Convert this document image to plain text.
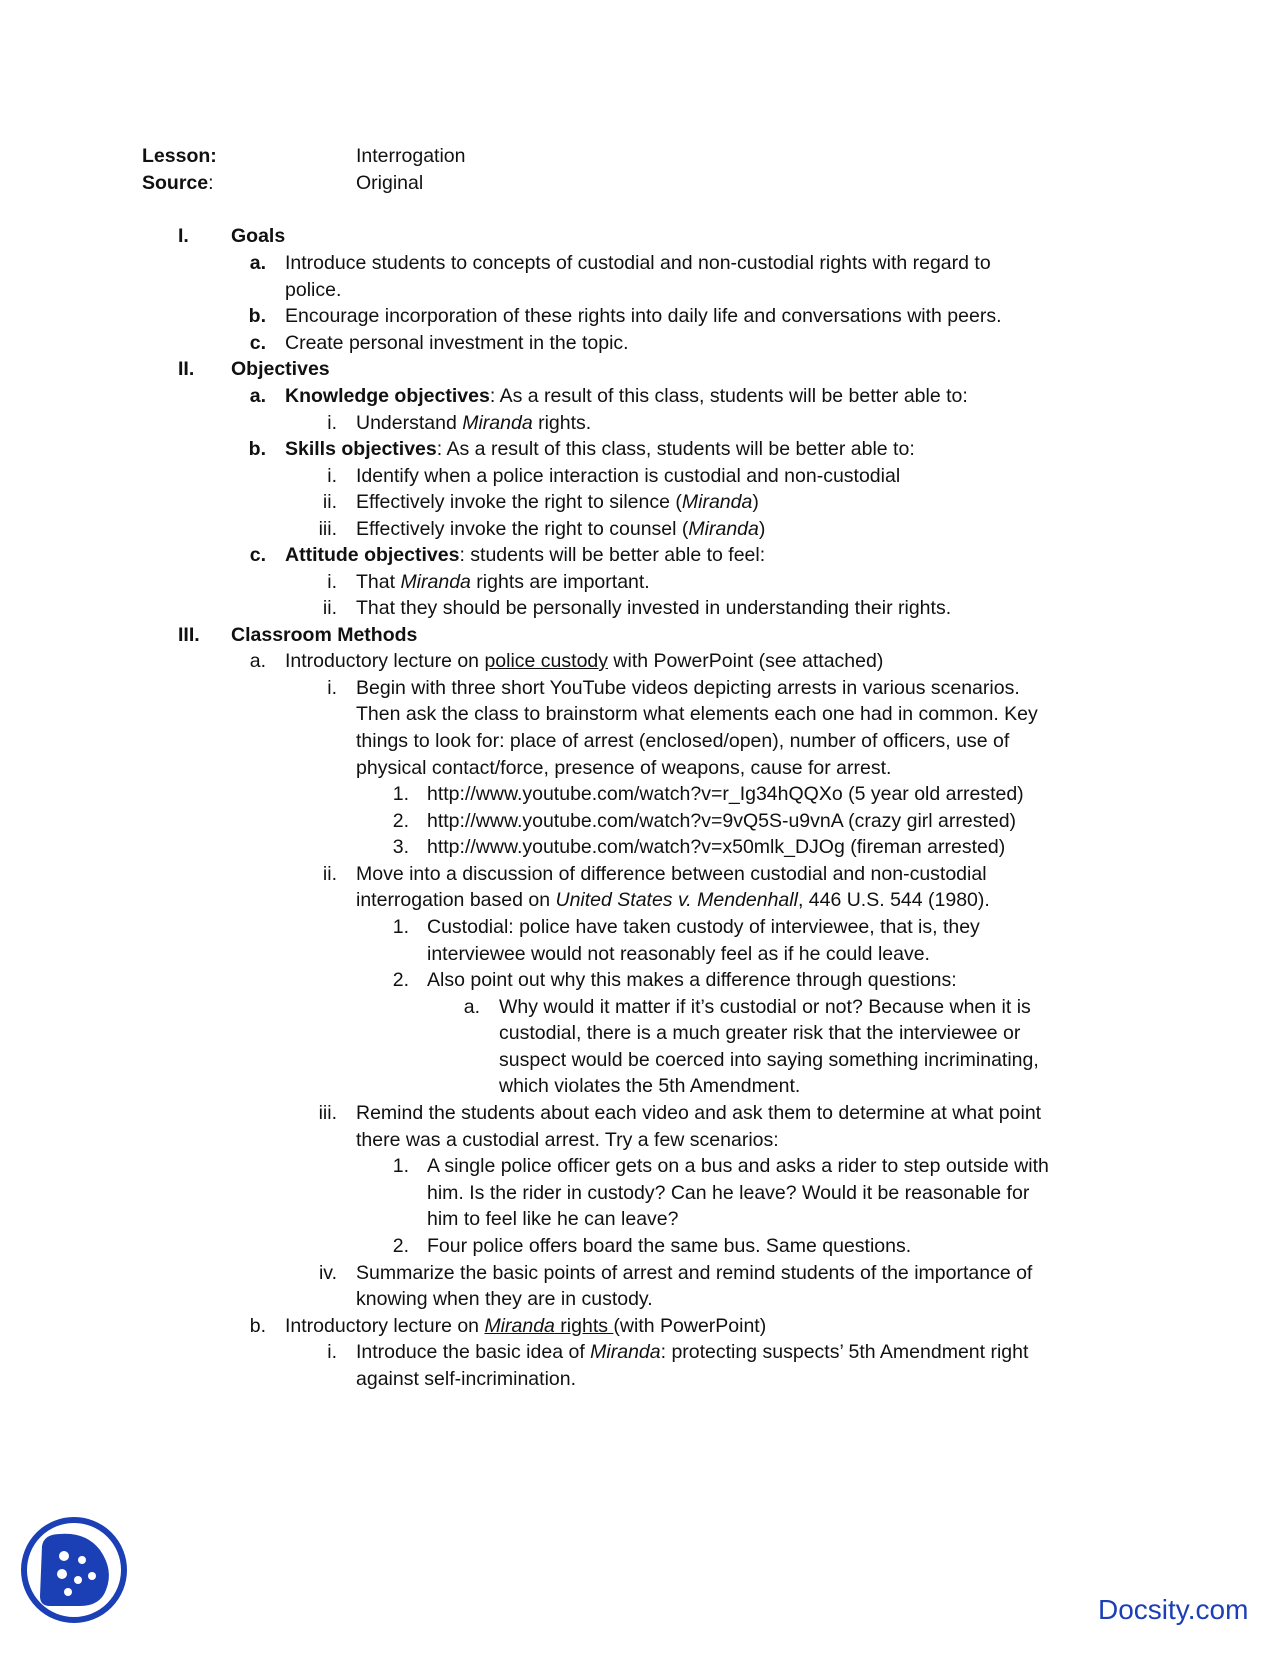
Lesson:	Interrogation
Source:	Original
I. Goals
a. Introduce students to concepts of custodial and non-custodial rights with regard to
police.
b. Encourage incorporation of these rights into daily life and conversations with peers.
c. Create personal investment in the topic.
II. Objectives
a. Knowledge objectives: As a result of this class, students will be better able to:
i. Understand Miranda rights.
b. Skills objectives: As a result of this class, students will be better able to:
i. Identify when a police interaction is custodial and non-custodial
ii. Effectively invoke the right to silence (Miranda)
iii. Effectively invoke the right to counsel (Miranda)
c. Attitude objectives: students will be better able to feel:
i. That Miranda rights are important.
ii. That they should be personally invested in understanding their rights.
III. Classroom Methods
a. Introductory lecture on police custody with PowerPoint (see attached)
i. Begin with three short YouTube videos depicting arrests in various scenarios.
Then ask the class to brainstorm what elements each one had in common. Key
things to look for: place of arrest (enclosed/open), number of officers, use of
physical contact/force, presence of weapons, cause for arrest.
1. http://www.youtube.com/watch?v=r_Ig34hQQXo (5 year old arrested)
2. http://www.youtube.com/watch?v=9vQ5S-u9vnA (crazy girl arrested)
3. http://www.youtube.com/watch?v=x50mlk_DJOg (fireman arrested)
ii. Move into a discussion of difference between custodial and non-custodial
interrogation based on United States v. Mendenhall, 446 U.S. 544 (1980).
1. Custodial: police have taken custody of interviewee, that is, they
interviewee would not reasonably feel as if he could leave.
2. Also point out why this makes a difference through questions:
a. Why would it matter if it’s custodial or not? Because when it is
custodial, there is a much greater risk that the interviewee or
suspect would be coerced into saying something incriminating,
which violates the 5th Amendment.
iii. Remind the students about each video and ask them to determine at what point
there was a custodial arrest. Try a few scenarios:
1. A single police officer gets on a bus and asks a rider to step outside with
him. Is the rider in custody? Can he leave? Would it be reasonable for
him to feel like he can leave?
2. Four police offers board the same bus. Same questions.
iv. Summarize the basic points of arrest and remind students of the importance of
knowing when they are in custody.
b. Introductory lecture on Miranda rights (with PowerPoint)
i. Introduce the basic idea of Miranda: protecting suspects’ 5th Amendment right
against self-incrimination.
Docsity.com
